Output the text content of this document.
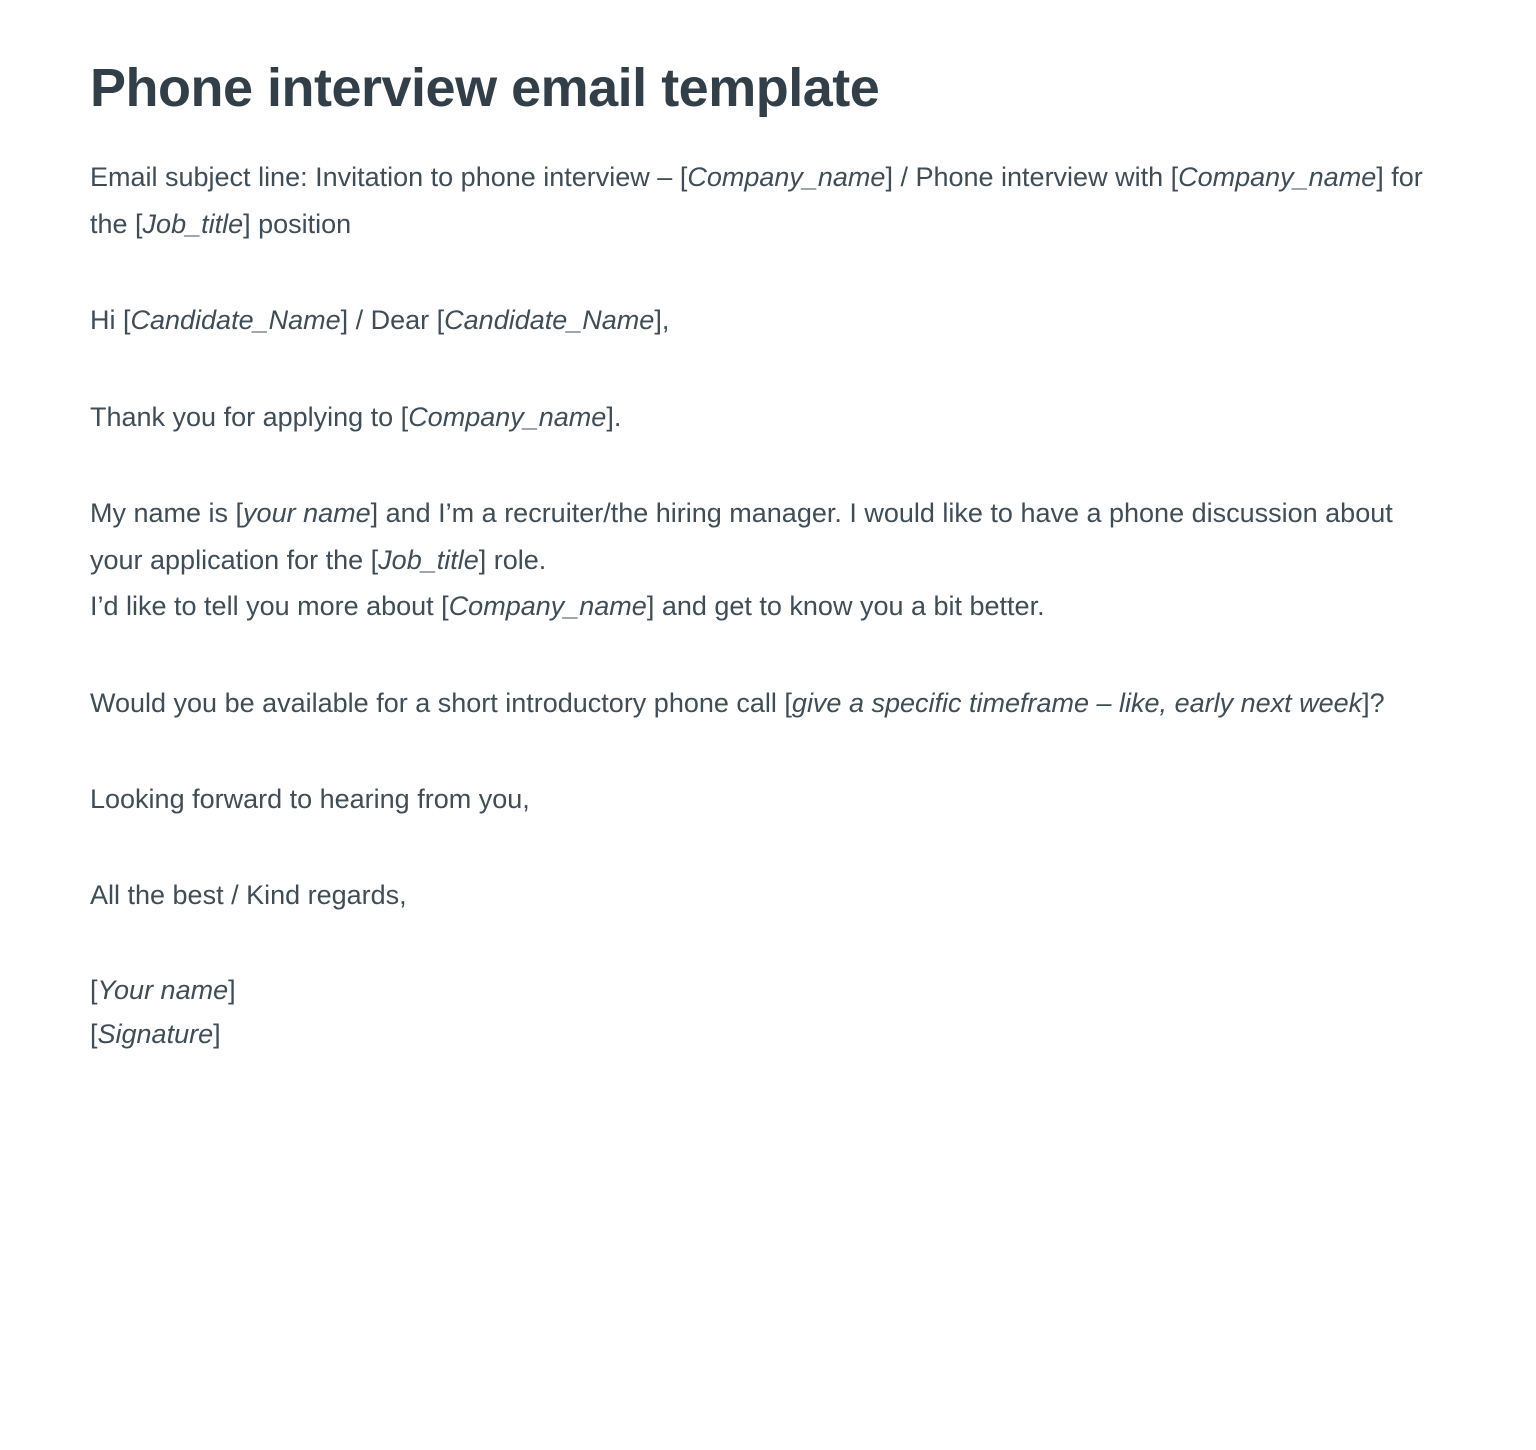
Phone interview email template

Email subject line: Invitation to phone interview – [Company_name] / Phone interview with [Company_name] for the [Job_title] position

Hi [Candidate_Name] / Dear [Candidate_Name],

Thank you for applying to [Company_name].

My name is [your name] and I’m a recruiter/the hiring manager. I would like to have a phone discussion about your application for the [Job_title] role.

I’d like to tell you more about [Company_name] and get to know you a bit better.

Would you be available for a short introductory phone call [give a specific timeframe – like, early next week]?

Looking forward to hearing from you,

All the best / Kind regards,

[Your name]

[Signature]
